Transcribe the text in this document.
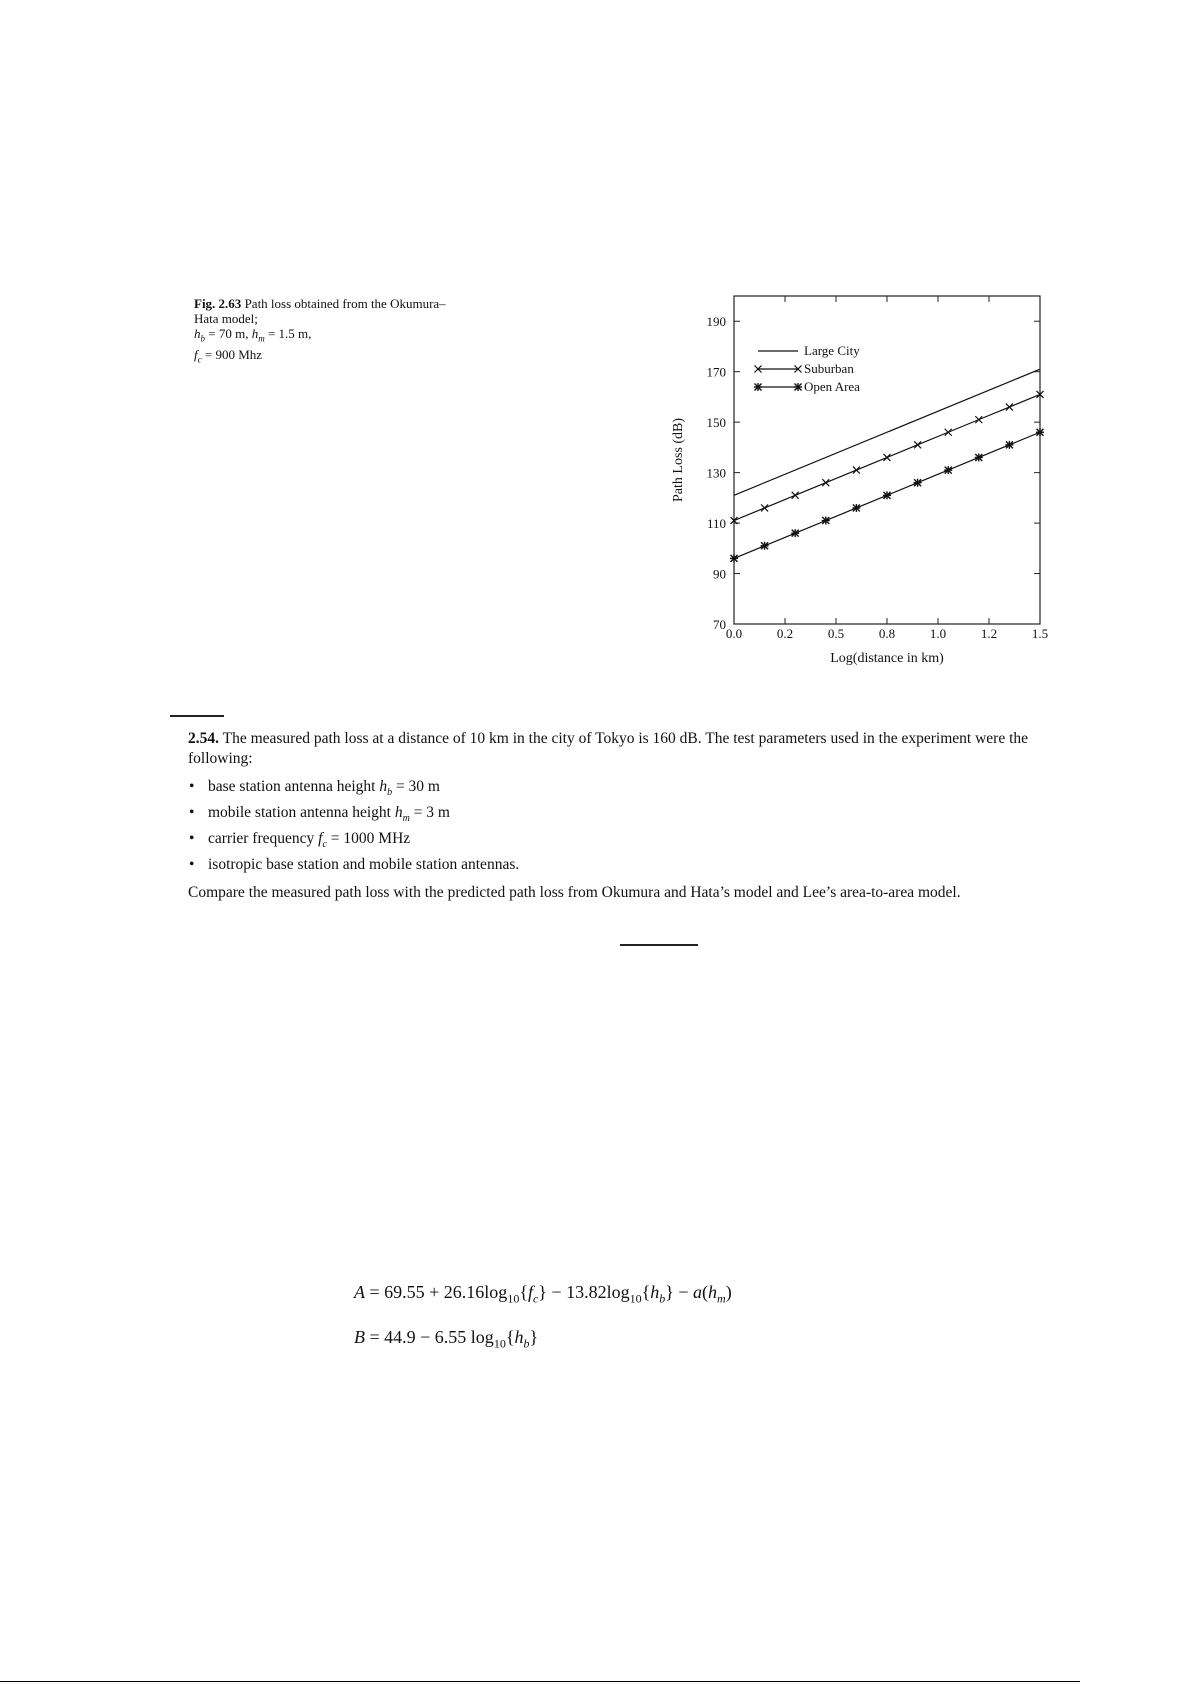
Fig. 2.63 Path loss obtained from the Okumura–Hata model;
$h_b = 70$ m, $h_m = 1.5$ m,
$f_c = 900$ Mhz
70
90
110
130
150
170
190
0.0	0.2	0.5	0.8	1.0	1.2	1.5
Log(distance in km)
Path Loss (dB)
Large City
Suburban
Open Area

2.54. The measured path loss at a distance of 10 km in the city of Tokyo is 160 dB. The test parameters used in the experiment were the following:

• base station antenna height $h_b = 30$ m
• mobile station antenna height $h_m = 3$ m
• carrier frequency $f_c = 1000$ MHz
• isotropic base station and mobile station antennas.

Compare the measured path loss with the predicted path loss from Okumura and Hata’s model and Lee’s area-to-area model.

$A = 69.55 + 26.16\log_{10}\{f_c\} - 13.82\log_{10}\{h_b\} - a(h_m)$
B = 44.9 − 6.55 $\log_{10}\{h_b\}$
